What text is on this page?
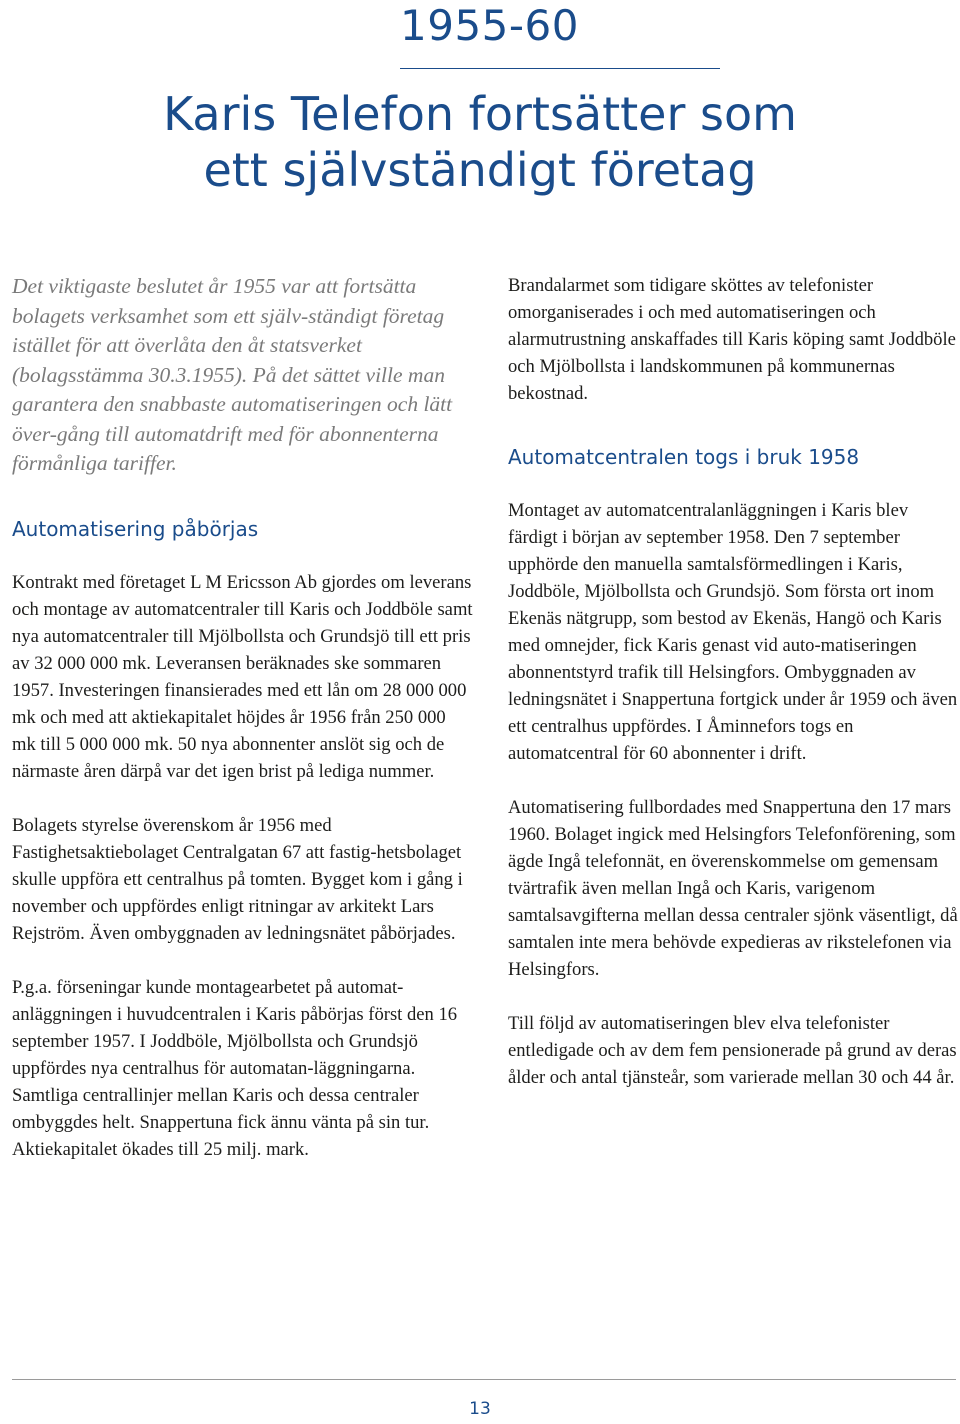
1955-60
Karis Telefon fortsätter som
ett självständigt företag

Det viktigaste beslutet år 1955 var att fortsätta bolagets verksamhet som ett själv-ständigt företag istället för att överlåta den åt statsverket (bolagsstämma 30.3.1955). På det sättet ville man garantera den snabbaste automatiseringen och lätt över-gång till automatdrift med för abonnenterna förmånliga tariffer.

Automatisering påbörjas

Kontrakt med företaget L M Ericsson Ab gjordes om leverans och montage av automatcentraler till Karis och Joddböle samt nya automatcentraler till Mjölbollsta och Grundsjö till ett pris av 32 000 000 mk. Leveransen beräknades ske sommaren 1957. Investeringen finansierades med ett lån om 28 000 000 mk och med att aktiekapitalet höjdes år 1956 från 250 000 mk till 5 000 000 mk. 50 nya abonnenter anslöt sig och de närmaste åren därpå var det igen brist på lediga nummer.

Bolagets styrelse överenskom år 1956 med Fastighetsaktiebolaget Centralgatan 67 att fastig-hetsbolaget skulle uppföra ett centralhus på tomten. Bygget kom i gång i november och uppfördes enligt ritningar av arkitekt Lars Rejström. Även ombyggnaden av ledningsnätet påbörjades.

P.g.a. förseningar kunde montagearbetet på automat-anläggningen i huvudcentralen i Karis påbörjas först den 16 september 1957. I Joddböle, Mjölbollsta och Grundsjö uppfördes nya centralhus för automatan-läggningarna. Samtliga centrallinjer mellan Karis och dessa centraler ombyggdes helt. Snappertuna fick ännu vänta på sin tur. Aktiekapitalet ökades till 25 milj. mark.

Brandalarmet som tidigare sköttes av telefonister omorganiserades i och med automatiseringen och alarmutrustning anskaffades till Karis köping samt Joddböle och Mjölbollsta i landskommunen på kommunernas bekostnad.

Automatcentralen togs i bruk 1958

Montaget av automatcentralanläggningen i Karis blev färdigt i början av september 1958. Den 7 september upphörde den manuella samtalsförmedlingen i Karis, Joddböle, Mjölbollsta och Grundsjö. Som första ort inom Ekenäs nätgrupp, som bestod av Ekenäs, Hangö och Karis med omnejder, fick Karis genast vid auto-matiseringen abonnentstyrd trafik till Helsingfors. Ombyggnaden av ledningsnätet i Snappertuna fortgick under år 1959 och även ett centralhus uppfördes. I Åminnefors togs en automatcentral för 60 abonnenter i drift.

Automatisering fullbordades med Snappertuna den 17 mars 1960. Bolaget ingick med Helsingfors Telefonförening, som ägde Ingå telefonnät, en överenskommelse om gemensam tvärtrafik även mellan Ingå och Karis, varigenom samtalsavgifterna mellan dessa centraler sjönk väsentligt, då samtalen inte mera behövde expedieras av rikstelefonen via Helsingfors.

Till följd av automatiseringen blev elva telefonister entledigade och av dem fem pensionerade på grund av deras ålder och antal tjänsteår, som varierade mellan 30 och 44 år.

13
